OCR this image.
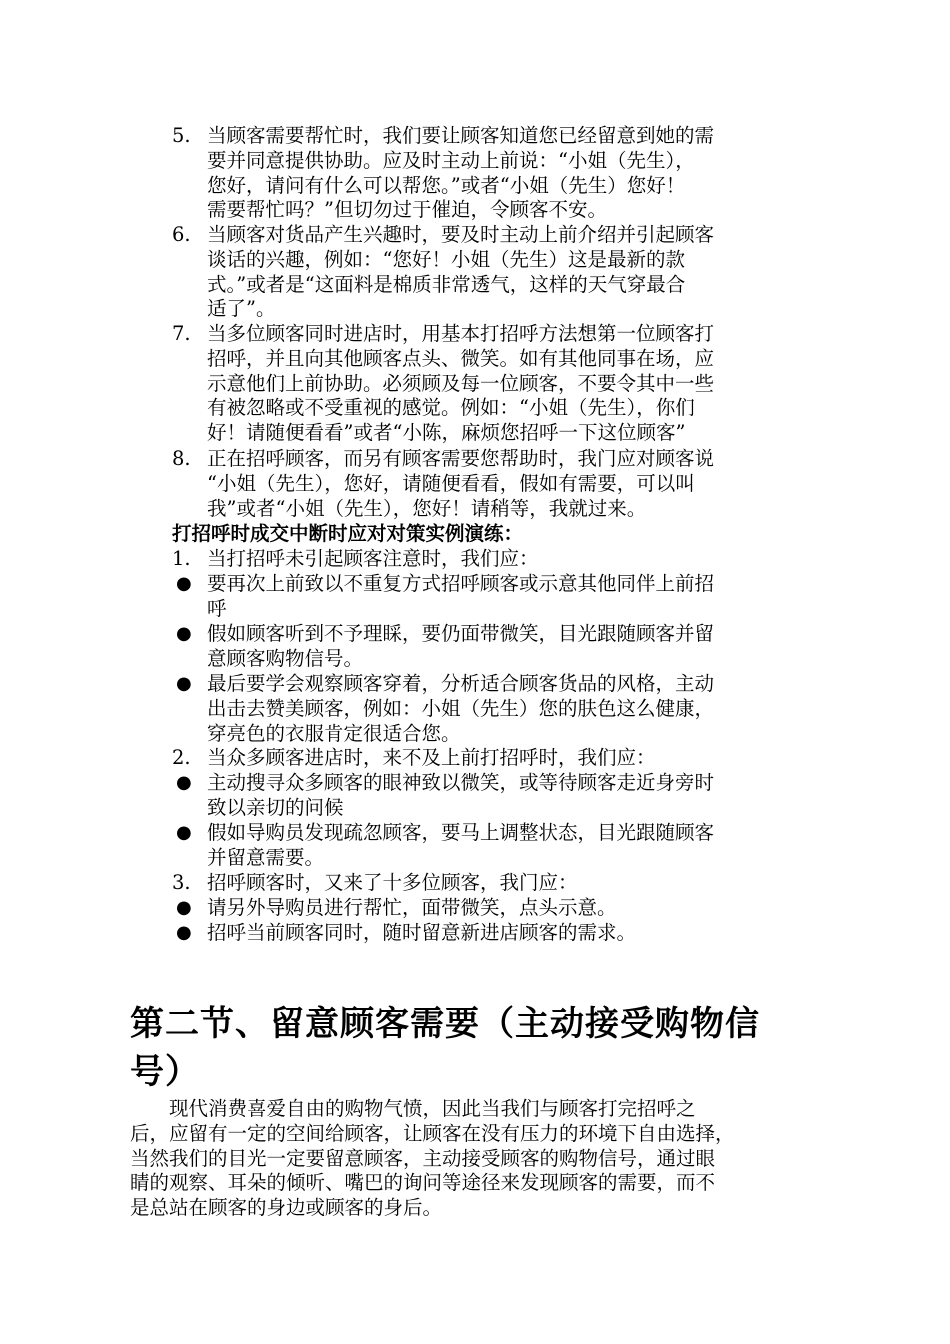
5. 当顾客需要帮忙时，我们要让顾客知道您已经留意到她的需
要并同意提供协助。应及时主动上前说：“小姐（先生），
您好，请问有什么可以帮您。”或者“小姐（先生）您好！
需要帮忙吗？”但切勿过于催迫，令顾客不安。
6. 当顾客对货品产生兴趣时，要及时主动上前介绍并引起顾客
谈话的兴趣，例如：“您好！小姐（先生）这是最新的款
式。”或者是“这面料是棉质非常透气，这样的天气穿最合
适了”。
7. 当多位顾客同时进店时，用基本打招呼方法想第一位顾客打
招呼，并且向其他顾客点头、微笑。如有其他同事在场，应
示意他们上前协助。必须顾及每一位顾客，不要令其中一些
有被忽略或不受重视的感觉。例如：“小姐（先生），你们
好！请随便看看”或者“小陈，麻烦您招呼一下这位顾客”
8. 正在招呼顾客，而另有顾客需要您帮助时，我门应对顾客说
“小姐（先生），您好，请随便看看，假如有需要，可以叫
我”或者“小姐（先生），您好！请稍等，我就过来。
打招呼时成交中断时应对对策实例演练：
1. 当打招呼未引起顾客注意时，我们应：
● 要再次上前致以不重复方式招呼顾客或示意其他同伴上前招
呼
● 假如顾客听到不予理睬，要仍面带微笑，目光跟随顾客并留
意顾客购物信号。
● 最后要学会观察顾客穿着，分析适合顾客货品的风格，主动
出击去赞美顾客，例如：小姐（先生）您的肤色这么健康，
穿亮色的衣服肯定很适合您。
2. 当众多顾客进店时，来不及上前打招呼时，我们应：
● 主动搜寻众多顾客的眼神致以微笑，或等待顾客走近身旁时
致以亲切的问候
● 假如导购员发现疏忽顾客，要马上调整状态，目光跟随顾客
并留意需要。
3. 招呼顾客时，又来了十多位顾客，我门应：
● 请另外导购员进行帮忙，面带微笑，点头示意。
● 招呼当前顾客同时，随时留意新进店顾客的需求。
第二节、留意顾客需要（主动接受购物信
号）
　　现代消费喜爱自由的购物气愤，因此当我们与顾客打完招呼之
后，应留有一定的空间给顾客，让顾客在没有压力的环境下自由选择，
当然我们的目光一定要留意顾客，主动接受顾客的购物信号，通过眼
睛的观察、耳朵的倾听、嘴巴的询问等途径来发现顾客的需要，而不
是总站在顾客的身边或顾客的身后。
